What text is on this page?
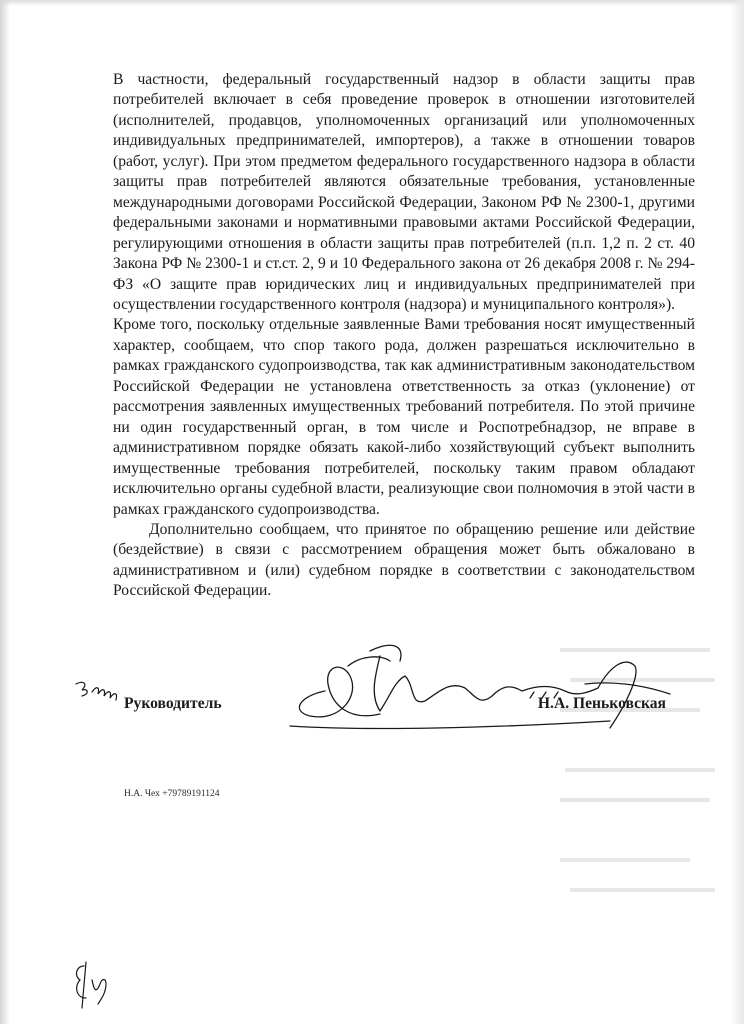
В частности, федеральный государственный надзор в области защиты прав потребителей включает в себя проведение проверок в отношении изготовителей (исполнителей, продавцов, уполномоченных организаций или уполномоченных индивидуальных предпринимателей, импортеров), а также в отношении товаров (работ, услуг). При этом предметом федерального государственного надзора в области защиты прав потребителей являются обязательные требования, установленные международными договорами Российской Федерации, Законом РФ № 2300-1, другими федеральными законами и нормативными правовыми актами Российской Федерации, регулирующими отношения в области защиты прав потребителей (п.п. 1,2 п. 2 ст. 40 Закона РФ № 2300-1 и ст.ст. 2, 9 и 10 Федерального закона от 26 декабря 2008 г. № 294-ФЗ «О защите прав юридических лиц и индивидуальных предпринимателей при осуществлении государственного контроля (надзора) и муниципального контроля»).

Кроме того, поскольку отдельные заявленные Вами требования носят имущественный характер, сообщаем, что спор такого рода, должен разрешаться исключительно в рамках гражданского судопроизводства, так как административным законодательством Российской Федерации не установлена ответственность за отказ (уклонение) от рассмотрения заявленных имущественных требований потребителя. По этой причине ни один государственный орган, в том числе и Роспотребнадзор, не вправе в административном порядке обязать какой-либо хозяйствующий субъект выполнить имущественные требования потребителей, поскольку таким правом обладают исключительно органы судебной власти, реализующие свои полномочия в этой части в рамках гражданского судопроизводства.

Дополнительно сообщаем, что принятое по обращению решение или действие (бездействие) в связи с рассмотрением обращения может быть обжаловано в административном и (или) судебном порядке в соответствии с законодательством Российской Федерации.

Руководитель	Н.А. Пеньковская
Н.А. Чех +79789191124
